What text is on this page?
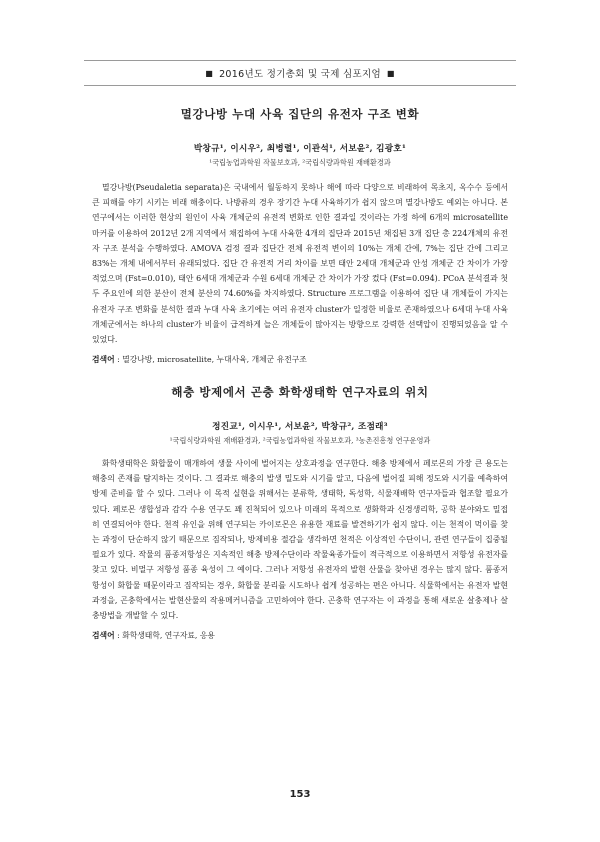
■ 2016년도 정기총회 및 국제 심포지엄 ■
멸강나방 누대 사육 집단의 유전자 구조 변화
박창규¹, 이시우², 최병렬¹, 이관석¹, 서보윤², 김광호¹
¹국립농업과학원 작물보호과, ²국립식량과학원 재배환경과
멸강나방(Pseudaletia separata)은 국내에서 월동하지 못하나 해에 따라 다양으로 비래하여 목초지, 옥수수 등에서 큰 피해를 야기 시키는 비래 해충이다. 나방류의 경우 장기간 누대 사육하기가 쉽지 않으며 멸강나방도 예외는 아니다. 본 연구에서는 이러한 현상의 원인이 사육 개체군의 유전적 변화로 인한 결과일 것이라는 가정 하에 6개의 microsatellite 마커를 이용하여 2012년 2개 지역에서 채집하여 누대 사육한 4개의 집단과 2015년 채집된 3개 집단 총 224개체의 유전자 구조 분석을 수행하였다. AMOVA 검정 결과 집단간 전체 유전적 변이의 10%는 개체 간에, 7%는 집단 간에 그리고 83%는 개체 내에서부터 유래되었다. 집단 간 유전적 거리 차이를 보면 태안 2세대 개체군과 안성 개체군 간 차이가 가장 적었으며 (Fst=0.010), 태안 6세대 개체군과 수원 6세대 개체군 간 차이가 가장 컸다 (Fst=0.094). PCoA 분석결과 첫 두 주요인에 의한 분산이 전체 분산의 74.60%를 차지하였다. Structure 프로그램을 이용하여 집단 내 개체들이 가지는 유전자 구조 변화를 분석한 결과 누대 사육 초기에는 여러 유전자 cluster가 일정한 비율로 존재하였으나 6세대 누대 사육 개체군에서는 하나의 cluster가 비율이 급격하게 늘은 개체들이 많아지는 방향으로 강력한 선택압이 진행되었음을 알 수 있었다.
검색어 : 멸강나방, microsatellite, 누대사육, 개체군 유전구조
해충 방제에서 곤충 화학생태학 연구자료의 위치
정진교¹, 이시우¹, 서보윤², 박창규², 조점래³
¹국립식량과학원 재배환경과, ²국립농업과학원 작물보호과, ³농촌진흥청 연구운영과
화학생태학은 화합물이 매개하여 생물 사이에 벌어지는 상호과정을 연구한다. 해충 방제에서 페로몬의 가장 큰 용도는 해충의 존재를 탐지하는 것이다. 그 결과로 해충의 발생 밀도와 시기를 알고, 다음에 벌어질 피해 정도와 시기를 예측하여 방제 준비를 할 수 있다. 그러나 이 목적 실현을 위해서는 분류학, 생태학, 독성학, 식물재배학 연구자들과 협조할 필요가 있다. 페로몬 생합성과 감각 수용 연구도 꽤 진척되어 있으나 미래의 목적으로 생화학과 신경생리학, 공학 분야와도 밀접히 연결되어야 한다. 천적 유인을 위해 연구되는 카이로몬은 유용한 재료를 발견하기가 쉽지 않다. 이는 천적이 먹이를 찾는 과정이 단순하지 않기 때문으로 짐작되나, 방제비용 절감을 생각하면 천적은 이상적인 수단이니, 관련 연구들이 집중될 필요가 있다. 작물의 품종저항성은 지속적인 해충 방제수단이라 작물육종가들이 적극적으로 이용하면서 저항성 유전자를 찾고 있다. 비멀구 저항성 품종 육성이 그 예이다. 그러나 저항성 유전자의 발현 산물을 찾아낸 경우는 많지 않다. 품종저항성이 화합물 때문이라고 짐작되는 경우, 화합물 분리를 시도하나 쉽게 성공하는 편은 아니다. 식물학에서는 유전자 발현과정을, 곤충학에서는 발현산물의 작용메커니즘을 고민하여야 한다. 곤충학 연구자는 이 과정을 통해 새로운 살충제나 살충방법을 개발할 수 있다.
검색어 : 화학생태학, 연구자료, 응용
153
